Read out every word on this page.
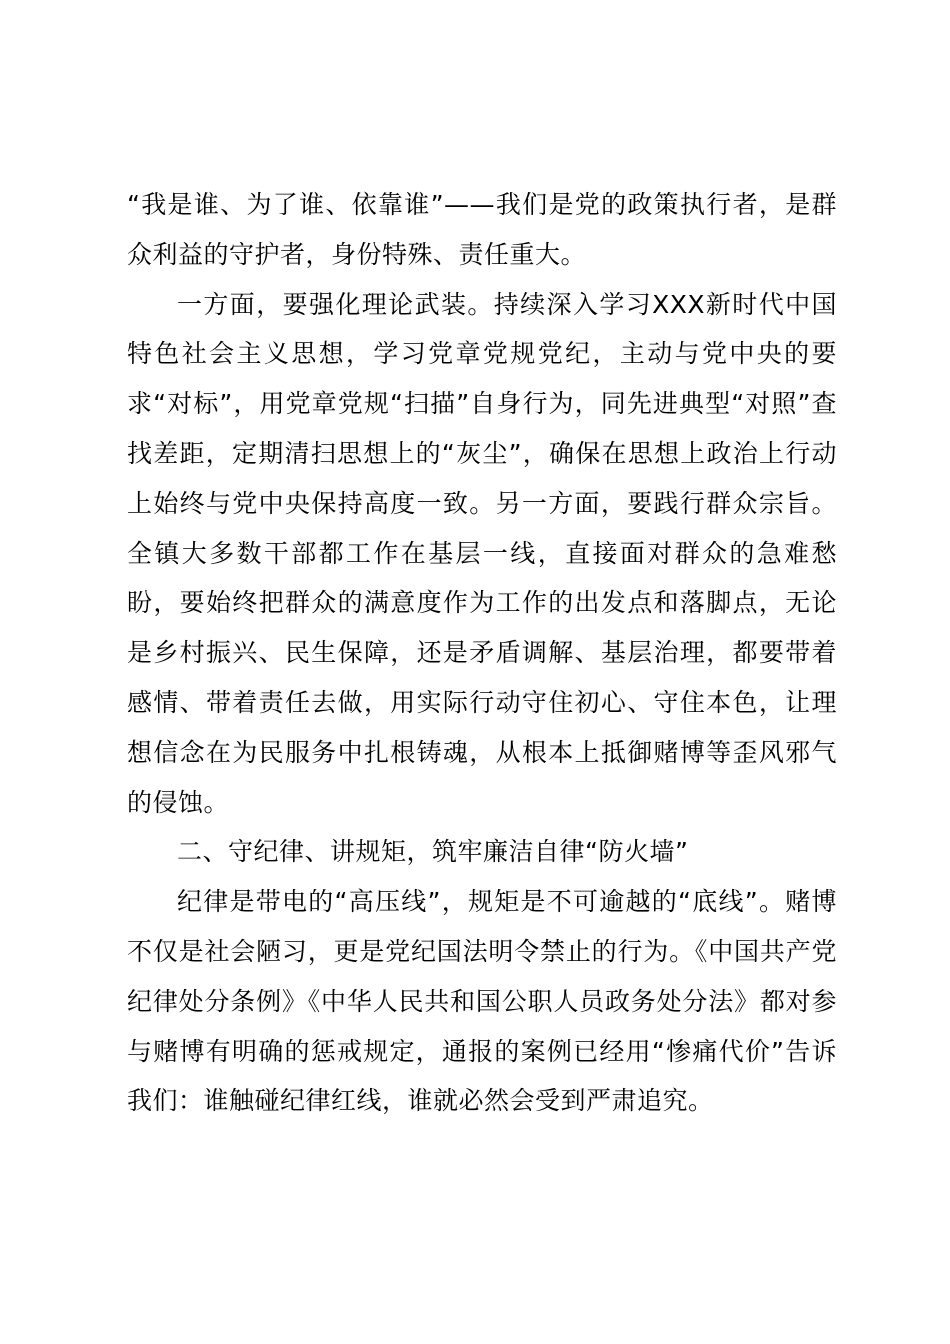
“我是谁、为了谁、依靠谁”——我们是党的政策执行者，是群众利益的守护者，身份特殊、责任重大。

一方面，要强化理论武装。持续深入学习XXX新时代中国特色社会主义思想，学习党章党规党纪，主动与党中央的要求“对标”，用党章党规“扫描”自身行为，同先进典型“对照”查找差距，定期清扫思想上的“灰尘”，确保在思想上政治上行动上始终与党中央保持高度一致。另一方面，要践行群众宗旨。全镇大多数干部都工作在基层一线，直接面对群众的急难愁盼，要始终把群众的满意度作为工作的出发点和落脚点，无论是乡村振兴、民生保障，还是矛盾调解、基层治理，都要带着感情、带着责任去做，用实际行动守住初心、守住本色，让理想信念在为民服务中扎根铸魂，从根本上抵御赌博等歪风邪气的侵蚀。

二、守纪律、讲规矩，筑牢廉洁自律“防火墙”

纪律是带电的“高压线”，规矩是不可逾越的“底线”。赌博不仅是社会陋习，更是党纪国法明令禁止的行为。《中国共产党纪律处分条例》《中华人民共和国公职人员政务处分法》都对参与赌博有明确的惩戒规定，通报的案例已经用“惨痛代价”告诉我们：谁触碰纪律红线，谁就必然会受到严肃追究。
